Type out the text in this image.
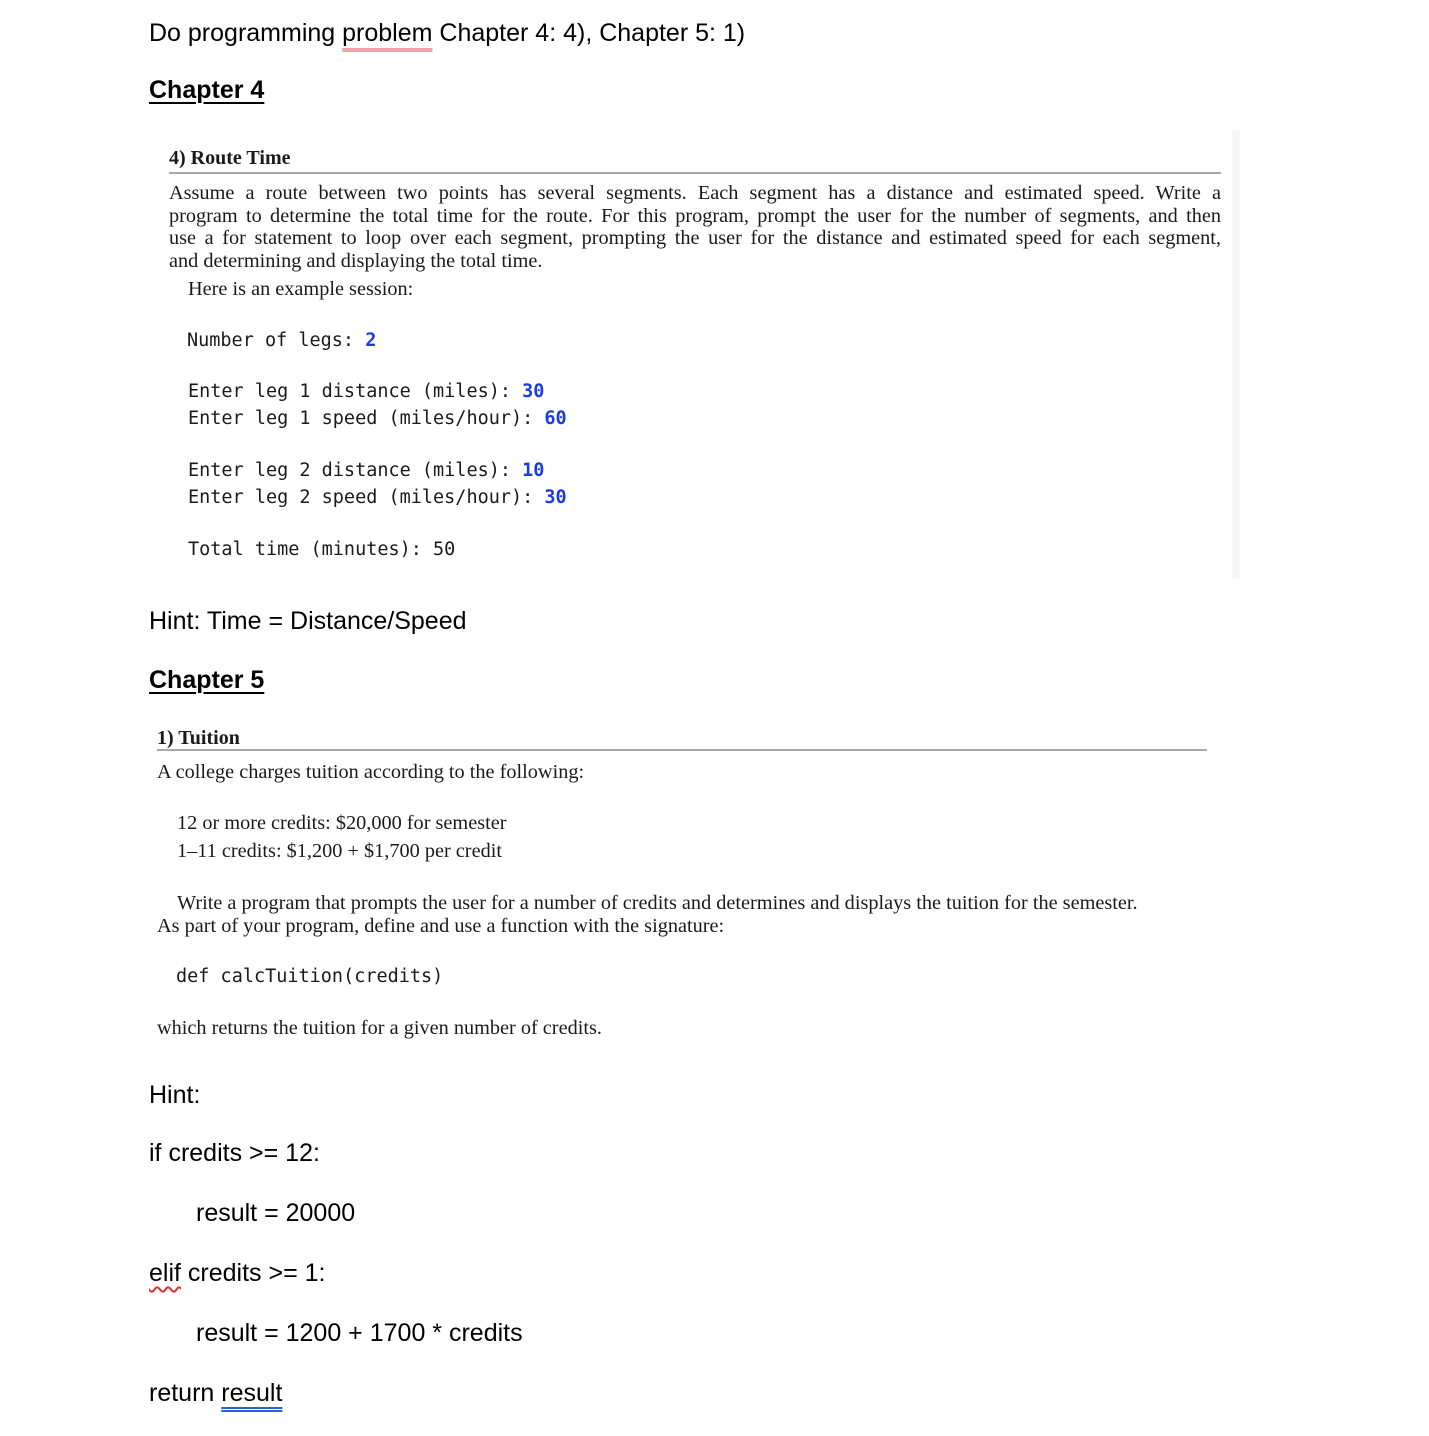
Do programming problem Chapter 4: 4), Chapter 5: 1)
Chapter 4
4) Route Time
Assume a route between two points has several segments. Each segment has a distance and estimated speed. Write a
program to determine the total time for the route. For this program, prompt the user for the number of segments, and then
use a for statement to loop over each segment, prompting the user for the distance and estimated speed for each segment,
and determining and displaying the total time.
Here is an example session:
Number of legs: 2
Enter leg 1 distance (miles): 30
Enter leg 1 speed (miles/hour): 60
Enter leg 2 distance (miles): 10
Enter leg 2 speed (miles/hour): 30
Total time (minutes): 50
Hint: Time = Distance/Speed
Chapter 5
1) Tuition
A college charges tuition according to the following:
12 or more credits: $20,000 for semester
1–11 credits: $1,200 + $1,700 per credit
Write a program that prompts the user for a number of credits and determines and displays the tuition for the semester.
As part of your program, define and use a function with the signature:
def calcTuition(credits)
which returns the tuition for a given number of credits.
Hint:
if credits >= 12:
result = 20000
elif credits >= 1:
result = 1200 + 1700 * credits
return result
